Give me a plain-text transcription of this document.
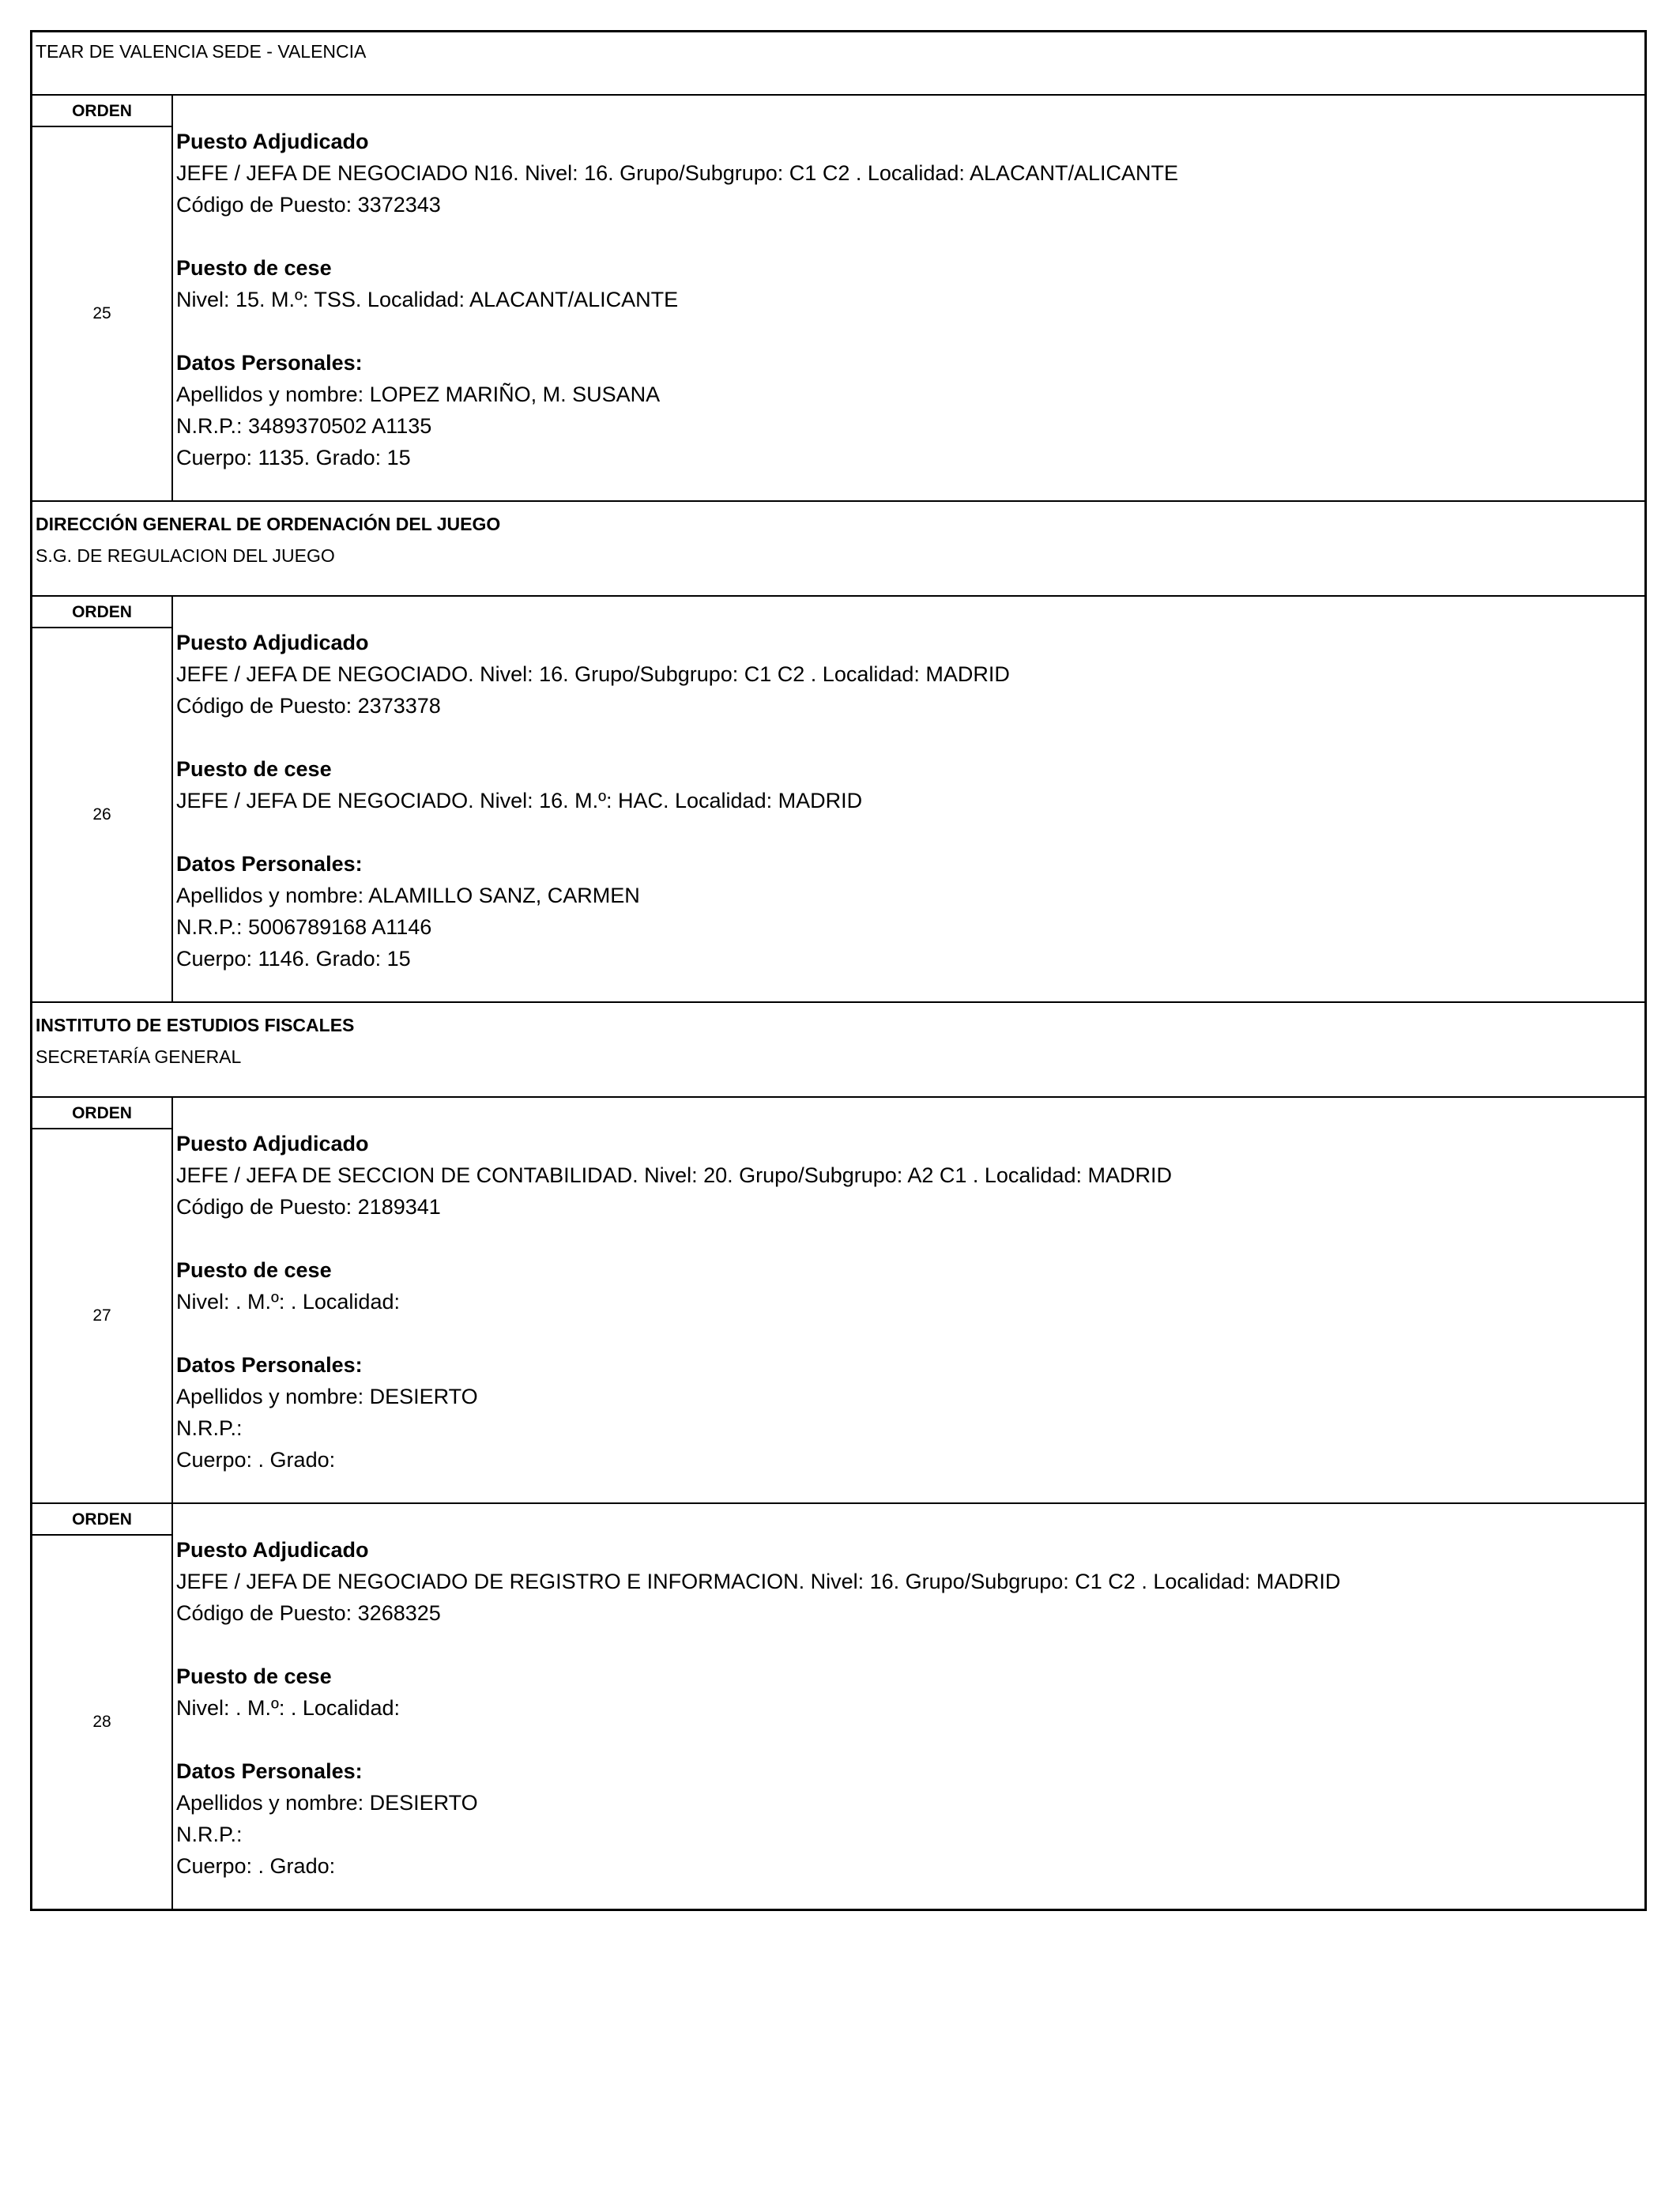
TEAR DE VALENCIA SEDE - VALENCIA
ORDEN
25
Puesto Adjudicado
JEFE / JEFA DE NEGOCIADO N16. Nivel: 16. Grupo/Subgrupo: C1 C2 . Localidad: ALACANT/ALICANTE
Código de Puesto: 3372343
Puesto de cese
Nivel: 15. M.º: TSS. Localidad: ALACANT/ALICANTE
Datos Personales:
Apellidos y nombre: LOPEZ MARIÑO, M. SUSANA
N.R.P.: 3489370502 A1135
Cuerpo: 1135. Grado: 15
DIRECCIÓN GENERAL DE ORDENACIÓN DEL JUEGO
S.G. DE REGULACION DEL JUEGO
ORDEN
26
Puesto Adjudicado
JEFE / JEFA DE NEGOCIADO. Nivel: 16. Grupo/Subgrupo: C1 C2 . Localidad: MADRID
Código de Puesto: 2373378
Puesto de cese
JEFE / JEFA DE NEGOCIADO. Nivel: 16. M.º: HAC. Localidad: MADRID
Datos Personales:
Apellidos y nombre: ALAMILLO SANZ, CARMEN
N.R.P.: 5006789168 A1146
Cuerpo: 1146. Grado: 15
INSTITUTO DE ESTUDIOS FISCALES
SECRETARÍA GENERAL
ORDEN
27
Puesto Adjudicado
JEFE / JEFA DE SECCION DE CONTABILIDAD. Nivel: 20. Grupo/Subgrupo: A2 C1 . Localidad: MADRID
Código de Puesto: 2189341
Puesto de cese
Nivel: . M.º: . Localidad:
Datos Personales:
Apellidos y nombre: DESIERTO
N.R.P.:
Cuerpo: . Grado:
ORDEN
28
Puesto Adjudicado
JEFE / JEFA DE NEGOCIADO DE REGISTRO E INFORMACION. Nivel: 16. Grupo/Subgrupo: C1 C2 . Localidad: MADRID
Código de Puesto: 3268325
Puesto de cese
Nivel: . M.º: . Localidad:
Datos Personales:
Apellidos y nombre: DESIERTO
N.R.P.:
Cuerpo: . Grado:
